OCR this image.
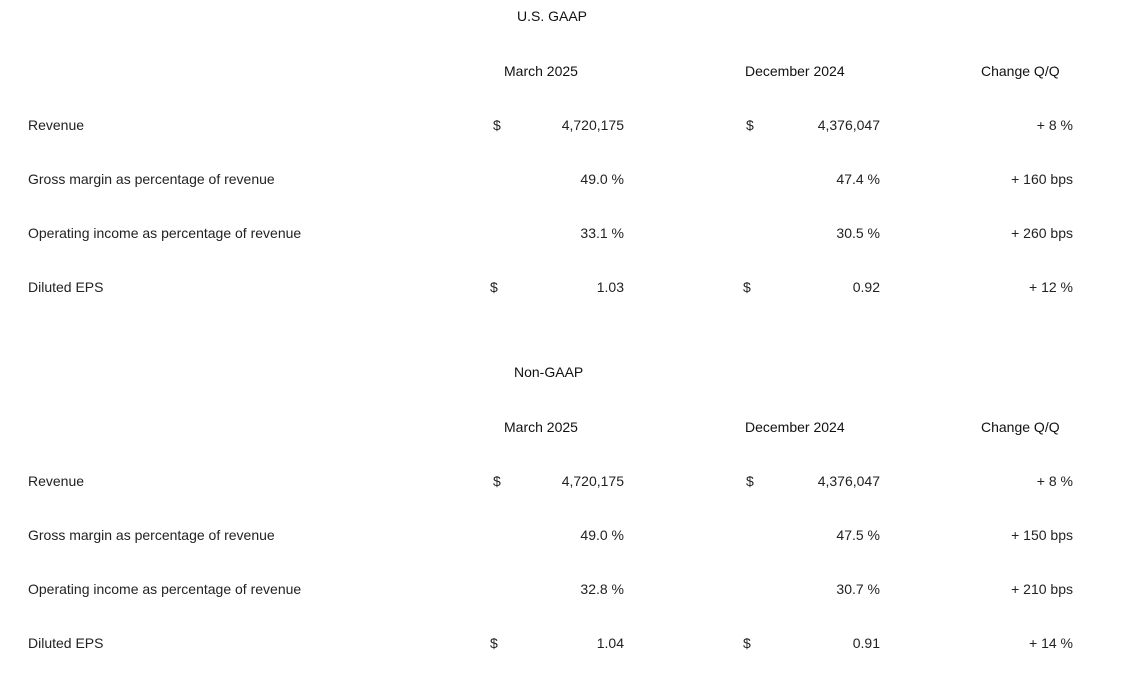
U.S. GAAP
March 2025	December 2024	Change Q/Q
Revenue	$	4,720,175	$	4,376,047	+ 8 %
Gross margin as percentage of revenue	49.0 %	47.4 %	+ 160 bps
Operating income as percentage of revenue	33.1 %	30.5 %	+ 260 bps
Diluted EPS	$	1.03	$	0.92	+ 12 %
Non-GAAP
March 2025	December 2024	Change Q/Q
Revenue	$	4,720,175	$	4,376,047	+ 8 %
Gross margin as percentage of revenue	49.0 %	47.5 %	+ 150 bps
Operating income as percentage of revenue	32.8 %	30.7 %	+ 210 bps
Diluted EPS	$	1.04	$	0.91	+ 14 %
